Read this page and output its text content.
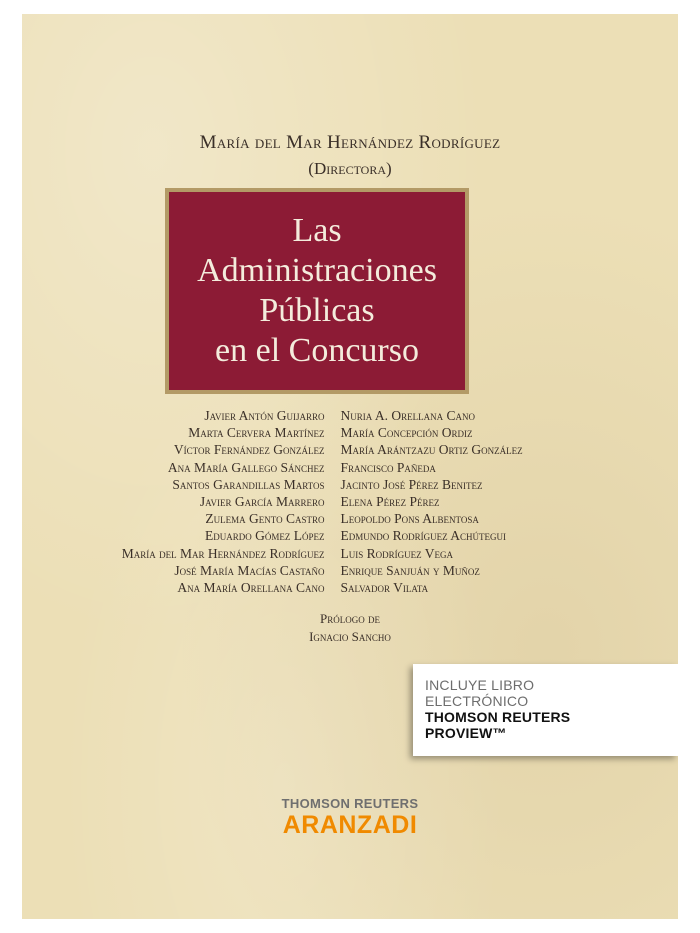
María del Mar Hernández Rodríguez
(Directora)
Las
Administraciones
Públicas
en el Concurso
Javier Antón Guijarro
Marta Cervera Martínez
Víctor Fernández González
Ana María Gallego Sánchez
Santos Garandillas Martos
Javier García Marrero
Zulema Gento Castro
Eduardo Gómez López
María del Mar Hernández Rodríguez
José María Macías Castaño
Ana María Orellana Cano
Nuria A. Orellana Cano
María Concepción Ordiz
María Arántzazu Ortiz González
Francisco Pañeda
Jacinto José Pérez Benitez
Elena Pérez Pérez
Leopoldo Pons Albentosa
Edmundo Rodríguez Achútegui
Luis Rodríguez Vega
Enrique Sanjuán y Muñoz
Salvador Vilata
Prólogo de
Ignacio Sancho
INCLUYE LIBRO
ELECTRÓNICO
THOMSON REUTERS
PROVIEW™
THOMSON REUTERS
ARANZADI
